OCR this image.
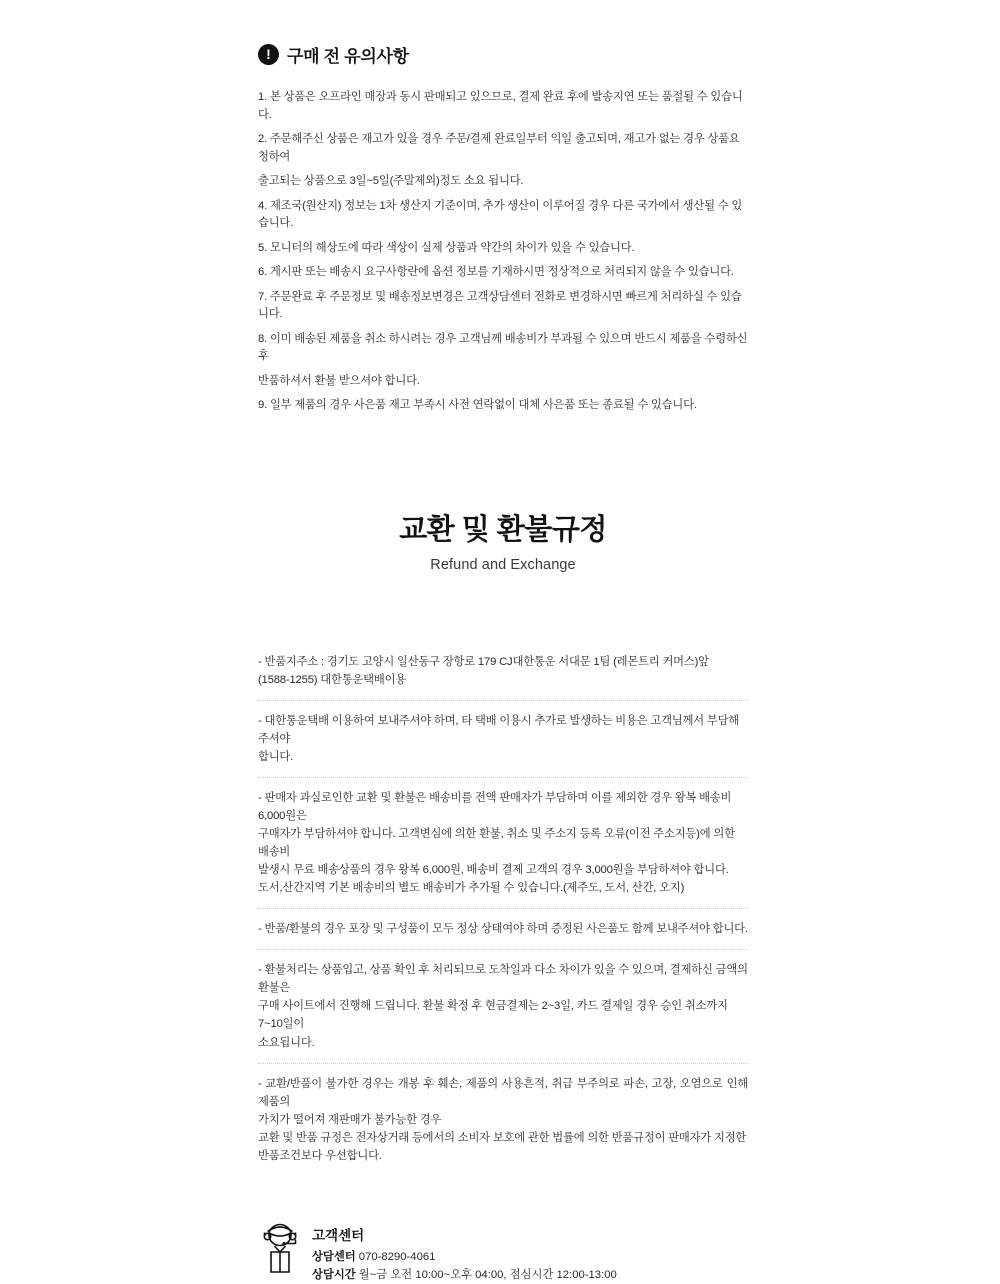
! 구매 전 유의사항

1. 본 상품은 오프라인 매장과 동시 판매되고 있으므로, 결제 완료 후에 발송지연 또는 품절될 수 있습니다.

2. 주문해주신 상품은 재고가 있을 경우 주문/결제 완료일부터 익일 출고되며, 재고가 없는 경우 상품요청하여

출고되는 상품으로 3일~5일(주말제외)정도 소요 됩니다.

4. 제조국(원산지) 정보는 1차 생산지 기준이며, 추가 생산이 이루어질 경우 다른 국가에서 생산될 수 있습니다.

5. 모니터의 해상도에 따라 색상이 실제 상품과 약간의 차이가 있을 수 있습니다.

6. 게시판 또는 배송시 요구사항란에 옵션 정보를 기재하시면 정상적으로 처리되지 않을 수 있습니다.

7. 주문완료 후 주문정보 및 배송정보변경은 고객상담센터 전화로 변경하시면 빠르게 처리하실 수 있습니다.

8. 이미 배송된 제품을 취소 하시려는 경우 고객님께 배송비가 부과될 수 있으며 반드시 제품을 수령하신 후

반품하셔서 환불 받으셔야 합니다.

9. 일부 제품의 경우 사은품 재고 부족시 사전 연락없이 대체 사은품 또는 종료될 수 있습니다.

교환 및 환불규정
Refund and Exchange

- 반품지주소 : 경기도 고양시 일산동구 장항로 179 CJ대한통운 서대문 1팀 (레몬트리 커머스)앞

(1588-1255) 대한통운택배이용

- 대한통운택배 이용하여 보내주셔야 하며, 타 택배 이용시 추가로 발생하는 비용은 고객님께서 부담해 주셔야

합니다.

- 판매자 과실로인한 교환 및 환불은 배송비를 전액 판매자가 부담하며 이를 제외한 경우 왕복 배송비 6,000원은

구매자가 부담하셔야 합니다. 고객변심에 의한 환불, 취소 및 주소지 등록 오류(이전 주소지등)에 의한 배송비

발생시 무료 배송상품의 경우 왕복 6,000원, 배송비 결제 고객의 경우 3,000원을 부담하셔야 합니다.

도서,산간지역 기본 배송비의 별도 배송비가 추가될 수 있습니다.(제주도, 도서, 산간, 오지)

- 반품/환불의 경우 포장 및 구성품이 모두 정상 상태여야 하며 증정된 사은품도 함께 보내주셔야 합니다.

- 환불처리는 상품입고, 상품 확인 후 처리되므로 도착일과 다소 차이가 있을 수 있으며, 결제하신 금액의 환불은

구매 사이트에서 진행해 드립니다. 환불 확정 후 현금결제는 2~3일, 카드 결제일 경우 승인 취소까지 7~10일이

소요됩니다.

- 교환/반품이 불가한 경우는 개봉 후 훼손, 제품의 사용흔적, 취급 부주의로 파손, 고장, 오염으로 인해 제품의

가치가 떨어져 재판매가 불가능한 경우

교환 및 반품 규정은 전자상거래 등에서의 소비자 보호에 관한 법률에 의한 반품규정이 판매자가 지정한

반품조건보다 우선합니다.

고객센터
상담센터 070-8290-4061
상담시간 월~금 오전 10:00~오후 04:00, 점심시간 12:00-13:00
